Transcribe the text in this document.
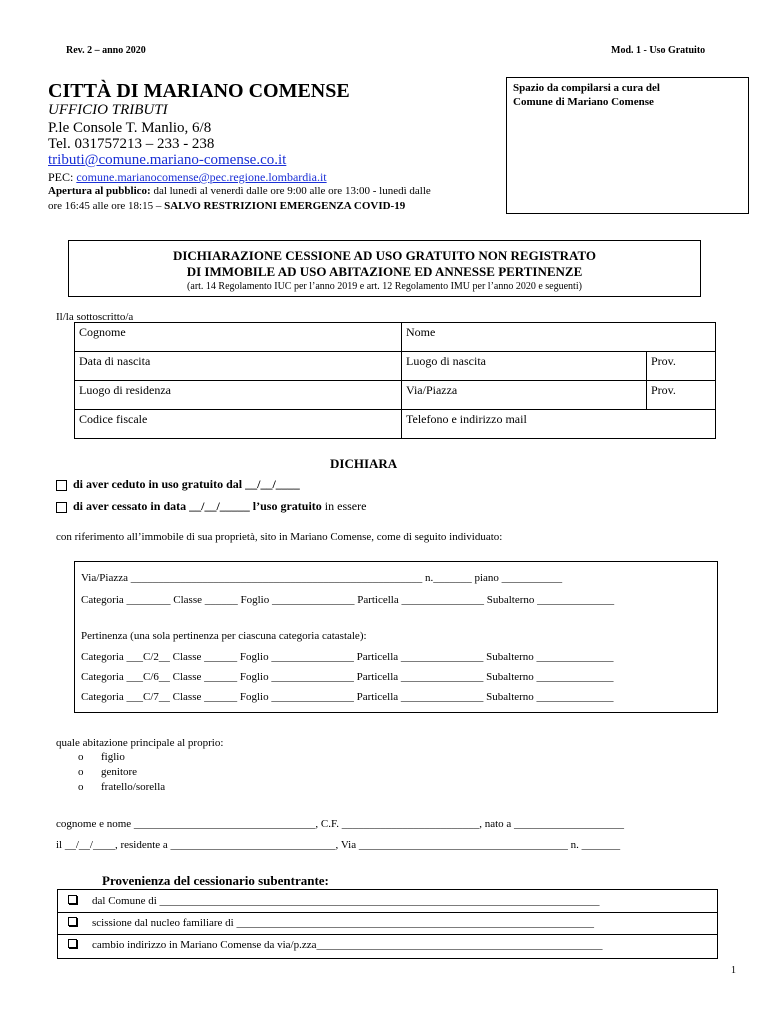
Rev. 2 – anno 2020	Mod. 1 - Uso Gratuito
CITTÀ DI MARIANO COMENSE
UFFICIO TRIBUTI
P.le Console T. Manlio, 6/8
Tel. 031757213 – 233 - 238
tributi@comune.mariano-comense.co.it
PEC: comune.marianocomense@pec.regione.lombardia.it
Apertura al pubblico: dal lunedì al venerdì dalle ore 9:00 alle ore 13:00 - lunedì dalle
ore 16:45 alle ore 18:15 – SALVO RESTRIZIONI EMERGENZA COVID-19
Spazio da compilarsi a cura del Comune di Mariano Comense
DICHIARAZIONE CESSIONE AD USO GRATUITO NON REGISTRATO
DI IMMOBILE AD USO ABITAZIONE ED ANNESSE PERTINENZE
(art. 14 Regolamento IUC per l’anno 2019 e art. 12 Regolamento IMU per l’anno 2020 e seguenti)
Il/la sottoscritto/a
Cognome	Nome	
Data di nascita	Luogo di nascita	Prov.
Luogo di residenza	Via/Piazza	Prov.
Codice fiscale	Telefono e indirizzo mail	
DICHIARA
di aver ceduto in uso gratuito dal __/__/____
di aver cessato in data __/__/_____ l’uso gratuito in essere
con riferimento all’immobile di sua proprietà, sito in Mariano Comense, come di seguito individuato:
Via/Piazza _____________________________________________________ n._______ piano ___________
Categoria ________ Classe ______ Foglio _______________ Particella _______________ Subalterno ______________
Pertinenza (una sola pertinenza per ciascuna categoria catastale):
Categoria ___C/2__ Classe ______ Foglio _______________ Particella _______________ Subalterno ______________
Categoria ___C/6__ Classe ______ Foglio _______________ Particella _______________ Subalterno ______________
Categoria ___C/7__ Classe ______ Foglio _______________ Particella _______________ Subalterno ______________
quale abitazione principale al proprio:
o figlio
o genitore
o fratello/sorella
cognome e nome _________________________________, C.F. _________________________, nato a ____________________
il __/__/____, residente a ______________________________, Via ______________________________________ n. _______
Provenienza del cessionario subentrante:
dal Comune di ________________________________________________________________________________
scissione dal nucleo familiare di _________________________________________________________________
cambio indirizzo in Mariano Comense da via/p.zza____________________________________________________
1
